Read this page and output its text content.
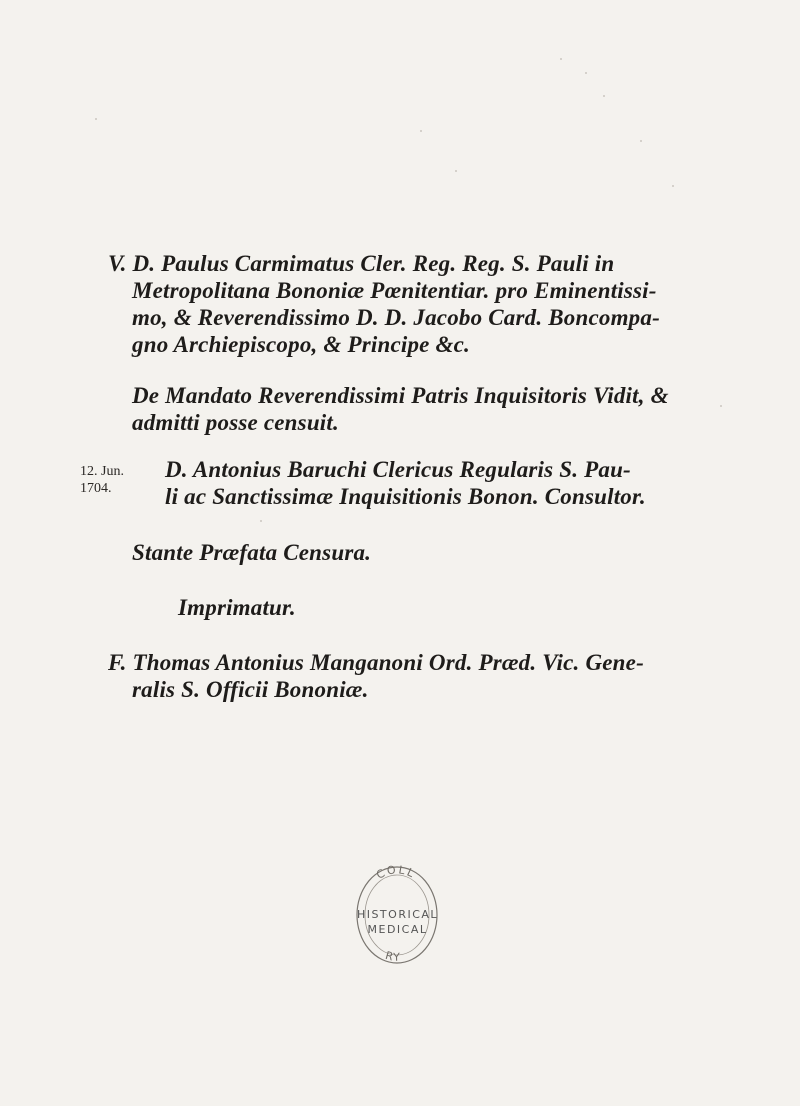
V. D. Paulus Carmimatus Cler. Reg. Reg. S. Pauli in
Metropolitana Bononiæ Pœnitentiar. pro Eminentissi-
mo, & Reverendissimo D. D. Jacobo Card. Boncompa-
gno Archiepiscopo, & Principe &c.
De Mandato Reverendissimi Patris Inquisitoris Vidit, &
admitti posse censuit.
12. Jun.
1704.
D. Antonius Baruchi Clericus Regularis S. Pau-
li ac Sanctissimæ Inquisitionis Bonon. Consultor.
Stante Præfata Censura.
Imprimatur.
F. Thomas Antonius Manganoni Ord. Præd. Vic. Gene-
ralis S. Officii Bononiæ.
COLL
RY
HISTORICAL
MEDICAL
